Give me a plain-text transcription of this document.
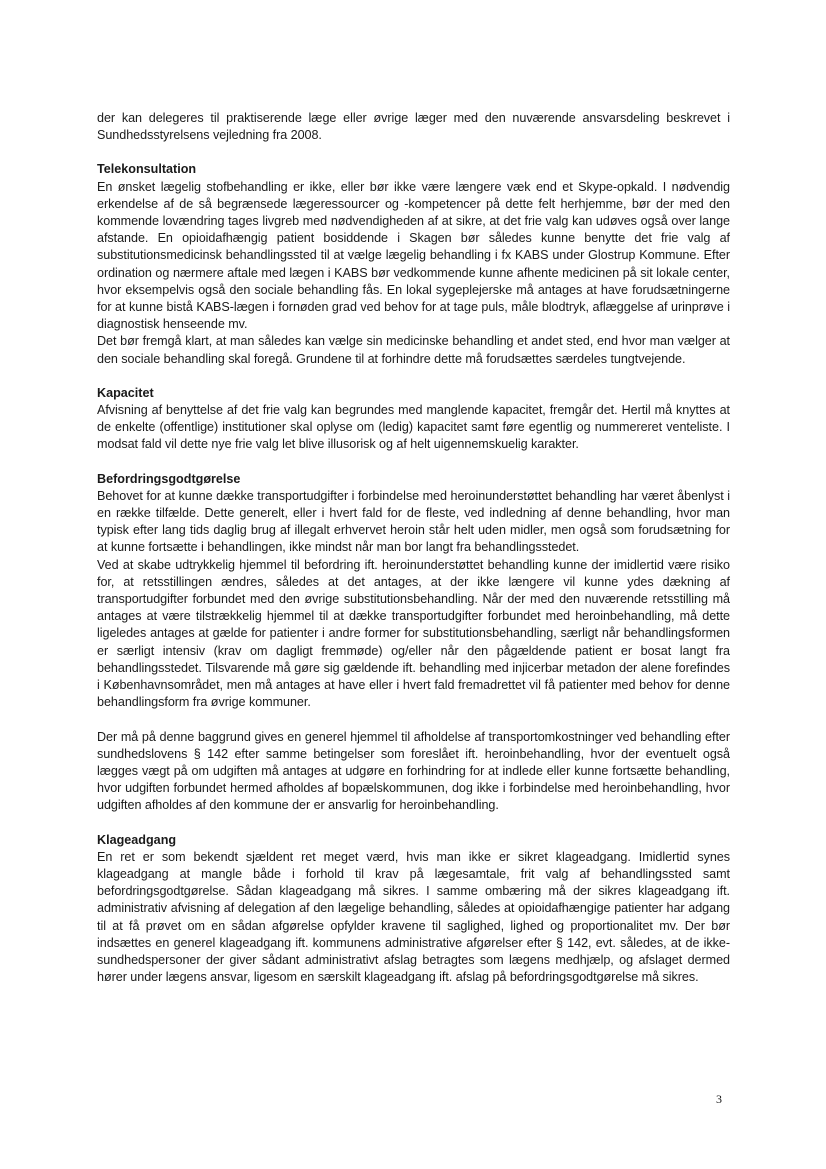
der kan delegeres til praktiserende læge eller øvrige læger med den nuværende ansvarsdeling beskrevet i Sundhedsstyrelsens vejledning fra 2008.

Telekonsultation

En ønsket lægelig stofbehandling er ikke, eller bør ikke være længere væk end et Skype-opkald. I nødvendig erkendelse af de så begrænsede lægeressourcer og -kompetencer på dette felt herhjemme, bør der med den kommende lovændring tages livgreb med nødvendigheden af at sikre, at det frie valg kan udøves også over lange afstande. En opioidafhængig patient bosiddende i Skagen bør således kunne benytte det frie valg af substitutionsmedicinsk behandlingssted til at vælge lægelig behandling i fx KABS under Glostrup Kommune. Efter ordination og nærmere aftale med lægen i KABS bør vedkommende kunne afhente medicinen på sit lokale center, hvor eksempelvis også den sociale behandling fås. En lokal sygeplejerske må antages at have forudsætningerne for at kunne bistå KABS-lægen i fornøden grad ved behov for at tage puls, måle blodtryk, aflæggelse af urinprøve i diagnostisk henseende mv.

Det bør fremgå klart, at man således kan vælge sin medicinske behandling et andet sted, end hvor man vælger at den sociale behandling skal foregå. Grundene til at forhindre dette må forudsættes særdeles tungtvejende.

Kapacitet

Afvisning af benyttelse af det frie valg kan begrundes med manglende kapacitet, fremgår det. Hertil må knyttes at de enkelte (offentlige) institutioner skal oplyse om (ledig) kapacitet samt føre egentlig og nummereret venteliste. I modsat fald vil dette nye frie valg let blive illusorisk og af helt uigennemskuelig karakter.

Befordringsgodtgørelse

Behovet for at kunne dække transportudgifter i forbindelse med heroinunderstøttet behandling har været åbenlyst i en række tilfælde. Dette generelt, eller i hvert fald for de fleste, ved indledning af denne behandling, hvor man typisk efter lang tids daglig brug af illegalt erhvervet heroin står helt uden midler, men også som forudsætning for at kunne fortsætte i behandlingen, ikke mindst når man bor langt fra behandlingsstedet.

Ved at skabe udtrykkelig hjemmel til befordring ift. heroinunderstøttet behandling kunne der imidlertid være risiko for, at retsstillingen ændres, således at det antages, at der ikke længere vil kunne ydes dækning af transportudgifter forbundet med den øvrige substitutionsbehandling. Når der med den nuværende retsstilling må antages at være tilstrækkelig hjemmel til at dække transportudgifter forbundet med heroinbehandling, må dette ligeledes antages at gælde for patienter i andre former for substitutionsbehandling, særligt når behandlingsformen er særligt intensiv (krav om dagligt fremmøde) og/eller når den pågældende patient er bosat langt fra behandlingsstedet. Tilsvarende må gøre sig gældende ift. behandling med injicerbar metadon der alene forefindes i Københavnsområdet, men må antages at have eller i hvert fald fremadrettet vil få patienter med behov for denne behandlingsform fra øvrige kommuner.

Der må på denne baggrund gives en generel hjemmel til afholdelse af transportomkostninger ved behandling efter sundhedslovens § 142 efter samme betingelser som foreslået ift. heroinbehandling, hvor der eventuelt også lægges vægt på om udgiften må antages at udgøre en forhindring for at indlede eller kunne fortsætte behandling, hvor udgiften forbundet hermed afholdes af bopælskommunen, dog ikke i forbindelse med heroinbehandling, hvor udgiften afholdes af den kommune der er ansvarlig for heroinbehandling.

Klageadgang

En ret er som bekendt sjældent ret meget værd, hvis man ikke er sikret klageadgang. Imidlertid synes klageadgang at mangle både i forhold til krav på lægesamtale, frit valg af behandlingssted samt befordringsgodtgørelse. Sådan klageadgang må sikres. I samme ombæring må der sikres klageadgang ift. administrativ afvisning af delegation af den lægelige behandling, således at opioidafhængige patienter har adgang til at få prøvet om en sådan afgørelse opfylder kravene til saglighed, lighed og proportionalitet mv. Der bør indsættes en generel klageadgang ift. kommunens administrative afgørelser efter § 142, evt. således, at de ikke-sundhedspersoner der giver sådant administrativt afslag betragtes som lægens medhjælp, og afslaget dermed hører under lægens ansvar, ligesom en særskilt klageadgang ift. afslag på befordringsgodtgørelse må sikres.

3
